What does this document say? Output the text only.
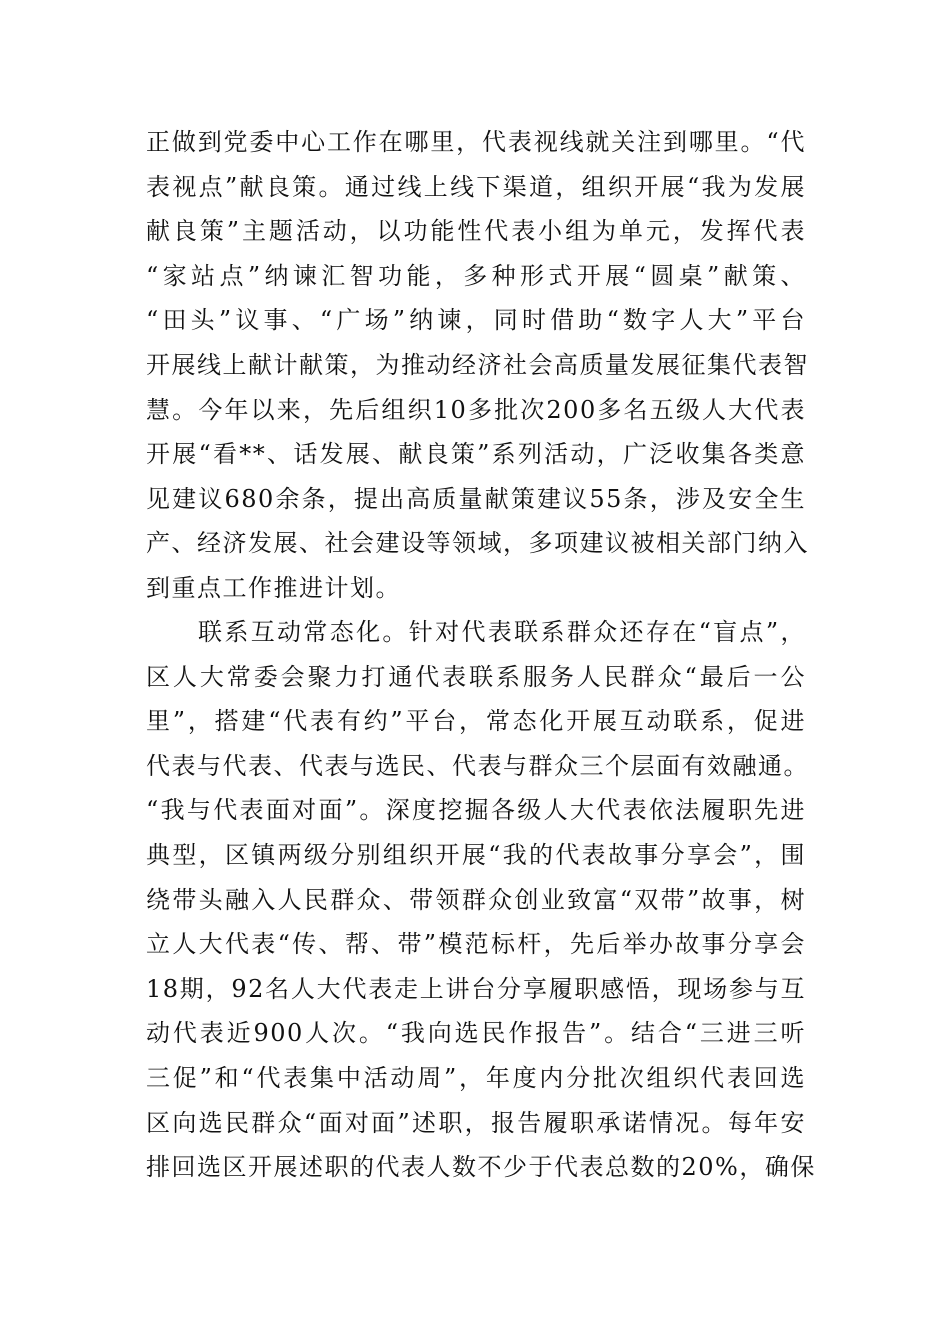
正做到党委中心工作在哪里，代表视线就关注到哪里。“代
表视点”献良策。通过线上线下渠道，组织开展“我为发展
献良策”主题活动，以功能性代表小组为单元，发挥代表
“家站点”纳谏汇智功能，多种形式开展“圆桌”献策、
“田头”议事、“广场”纳谏，同时借助“数字人大”平台
开展线上献计献策，为推动经济社会高质量发展征集代表智
慧。今年以来，先后组织10多批次200多名五级人大代表
开展“看**、话发展、献良策”系列活动，广泛收集各类意
见建议680余条，提出高质量献策建议55条，涉及安全生
产、经济发展、社会建设等领域，多项建议被相关部门纳入
到重点工作推进计划。
联系互动常态化。针对代表联系群众还存在“盲点”，
区人大常委会聚力打通代表联系服务人民群众“最后一公
里”，搭建“代表有约”平台，常态化开展互动联系，促进
代表与代表、代表与选民、代表与群众三个层面有效融通。
“我与代表面对面”。深度挖掘各级人大代表依法履职先进
典型，区镇两级分别组织开展“我的代表故事分享会”，围
绕带头融入人民群众、带领群众创业致富“双带”故事，树
立人大代表“传、帮、带”模范标杆，先后举办故事分享会
18期，92名人大代表走上讲台分享履职感悟，现场参与互
动代表近900人次。“我向选民作报告”。结合“三进三听
三促”和“代表集中活动周”，年度内分批次组织代表回选
区向选民群众“面对面”述职，报告履职承诺情况。每年安
排回选区开展述职的代表人数不少于代表总数的20%，确保
